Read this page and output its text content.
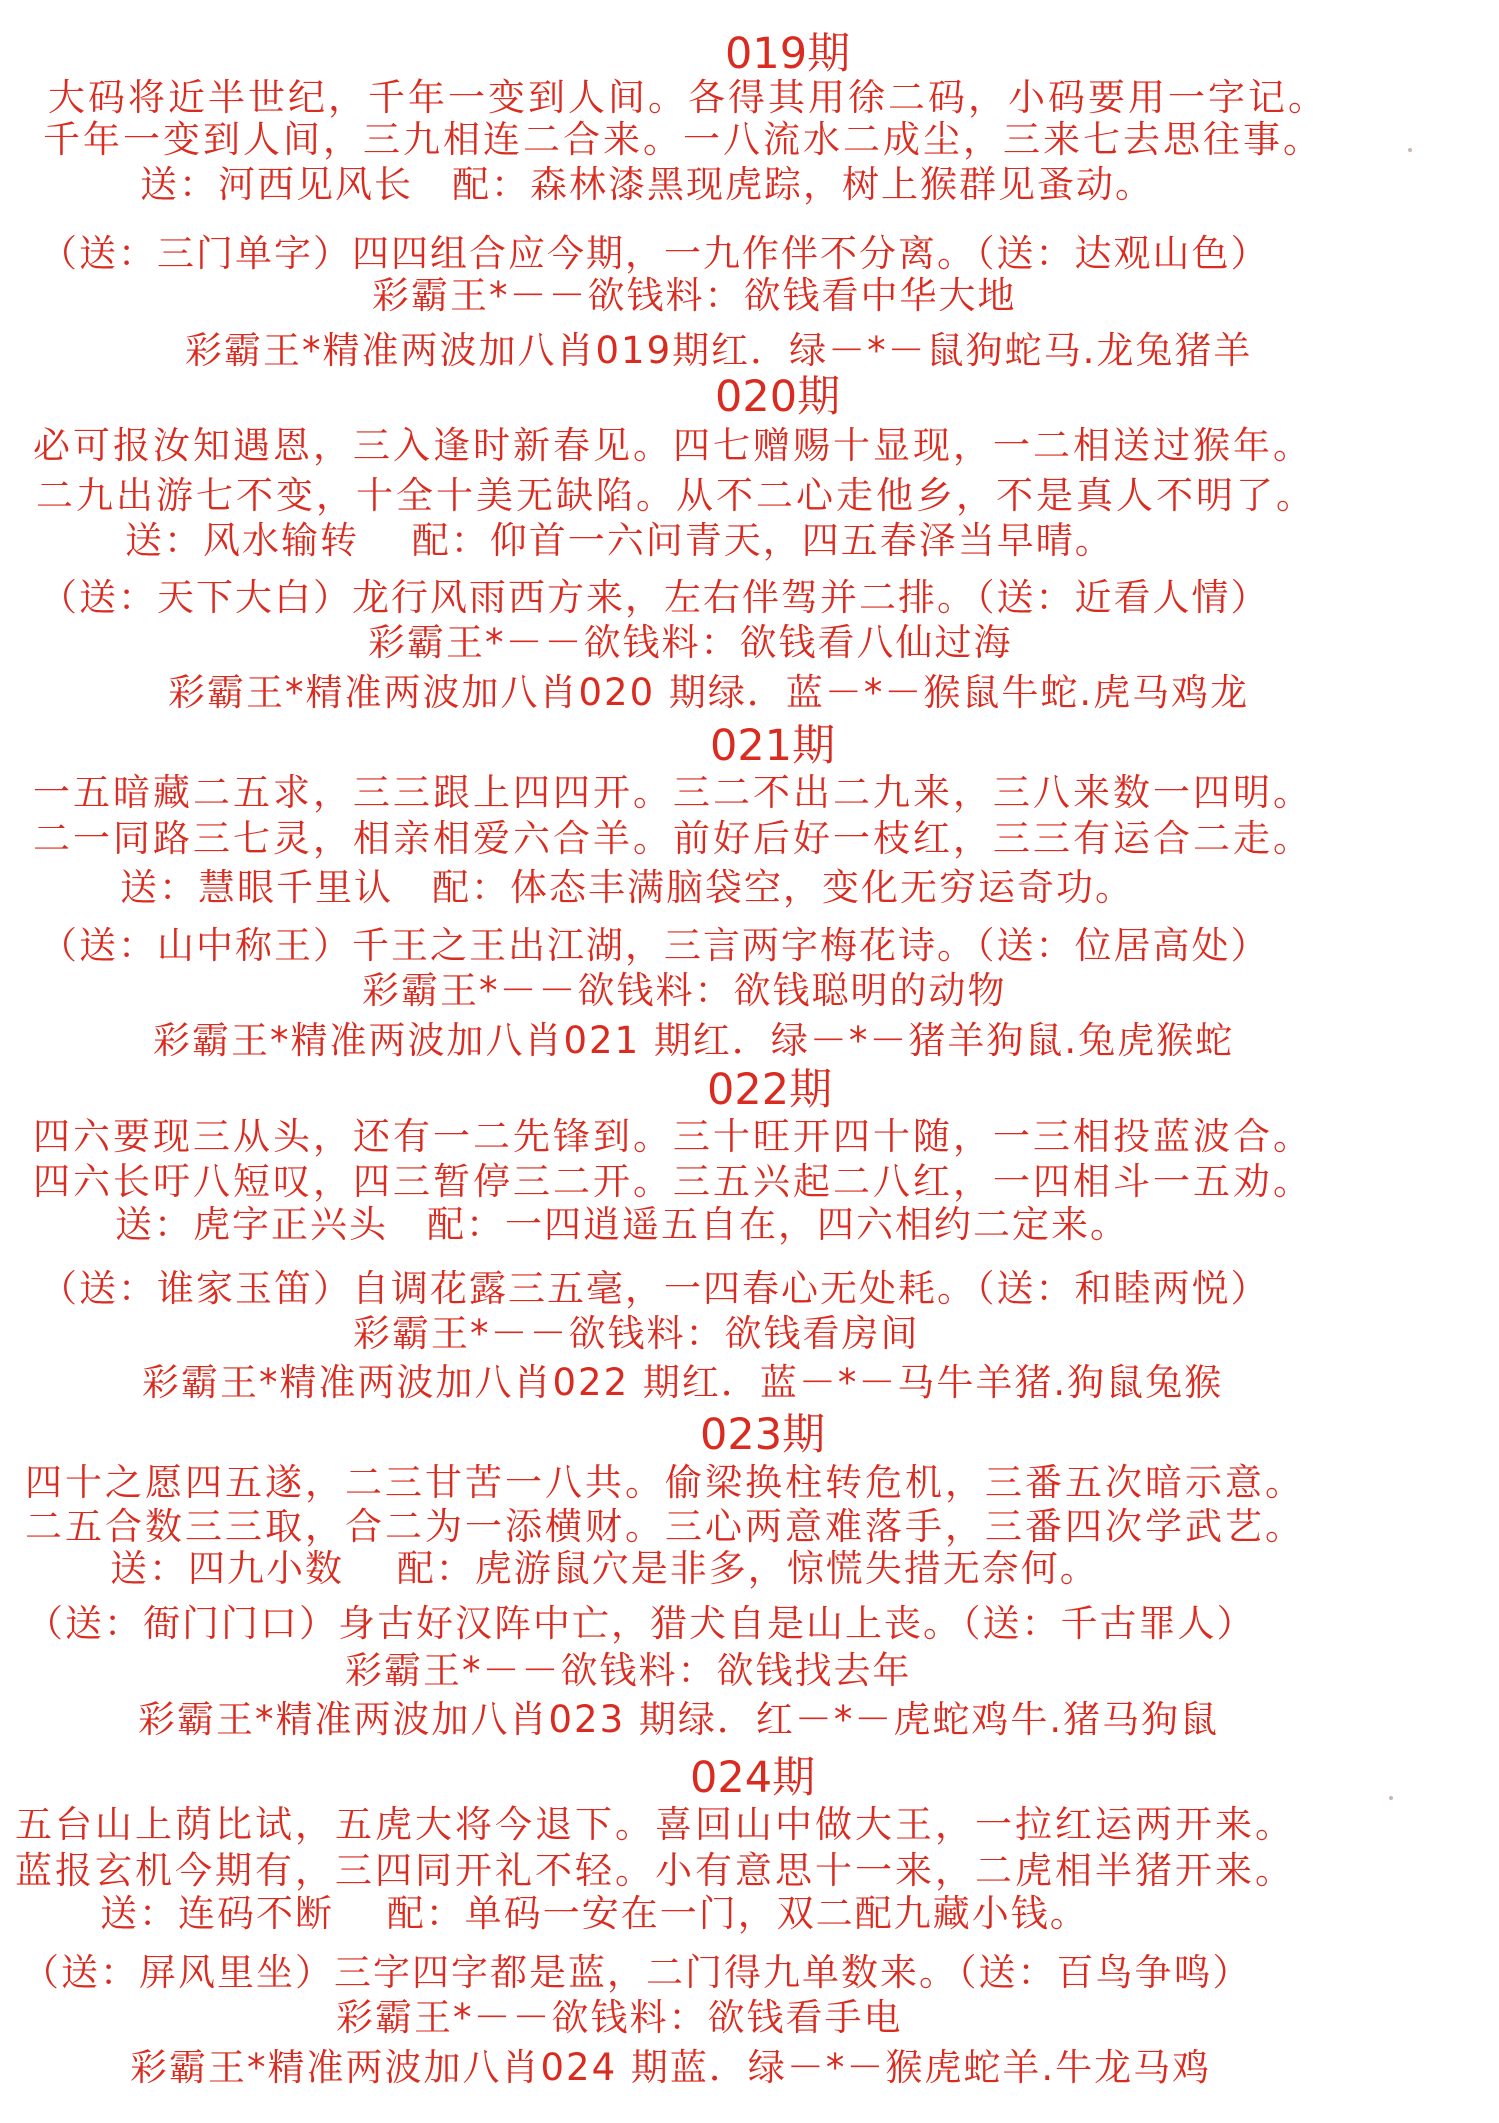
019期
大码将近半世纪，千年一变到人间。各得其用徐二码，小码要用一字记。
千年一变到人间，三九相连二合来。一八流水二成尘，三来七去思往事。
送：河西见风长　配：森林漆黑现虎踪，树上猴群见蚤动。
（送：三门单字）四四组合应今期，一九作伴不分离。（送：达观山色）
彩霸王*－－欲钱料：欲钱看中华大地
彩霸王*精准两波加八肖019期红．绿－*－鼠狗蛇马.龙兔猪羊
020期
必可报汝知遇恩，三入逢时新春见。四七赠赐十显现，一二相送过猴年。
二九出游七不变，十全十美无缺陷。从不二心走他乡，不是真人不明了。
送：风水输转　 配：仰首一六问青天，四五春泽当早晴。
（送：天下大白）龙行风雨西方来，左右伴驾并二排。（送：近看人情）
彩霸王*－－欲钱料：欲钱看八仙过海
彩霸王*精准两波加八肖020 期绿．蓝－*－猴鼠牛蛇.虎马鸡龙
021期
一五暗藏二五求，三三跟上四四开。三二不出二九来，三八来数一四明。
二一同路三七灵，相亲相爱六合羊。前好后好一枝红，三三有运合二走。
送：慧眼千里认　配：体态丰满脑袋空，变化无穷运奇功。
（送：山中称王）千王之王出江湖，三言两字梅花诗。（送：位居高处）
彩霸王*－－欲钱料：欲钱聪明的动物
彩霸王*精准两波加八肖021 期红．绿－*－猪羊狗鼠.兔虎猴蛇
022期
四六要现三从头，还有一二先锋到。三十旺开四十随，一三相投蓝波合。
四六长吁八短叹，四三暂停三二开。三五兴起二八红，一四相斗一五劝。
送：虎字正兴头　配：一四逍遥五自在，四六相约二定来。
（送：谁家玉笛）自调花露三五毫，一四春心无处耗。（送：和睦两悦）
彩霸王*－－欲钱料：欲钱看房间
彩霸王*精准两波加八肖022 期红．蓝－*－马牛羊猪.狗鼠兔猴
023期
四十之愿四五遂，二三甘苦一八共。偷梁换柱转危机，三番五次暗示意。
二五合数三三取，合二为一添横财。三心两意难落手，三番四次学武艺。
送：四九小数　 配：虎游鼠穴是非多，惊慌失措无奈何。
（送：衙门门口）身古好汉阵中亡，猎犬自是山上丧。（送：千古罪人）
彩霸王*－－欲钱料：欲钱找去年
彩霸王*精准两波加八肖023 期绿．红－*－虎蛇鸡牛.猪马狗鼠
024期
五台山上荫比试，五虎大将今退下。喜回山中做大王，一拉红运两开来。
蓝报玄机今期有，三四同开礼不轻。小有意思十一来，二虎相半猪开来。
送：连码不断　 配：单码一安在一门，双二配九藏小钱。
（送：屏风里坐）三字四字都是蓝，二门得九单数来。（送：百鸟争鸣）
彩霸王*－－欲钱料：欲钱看手电
彩霸王*精准两波加八肖024 期蓝．绿－*－猴虎蛇羊.牛龙马鸡
